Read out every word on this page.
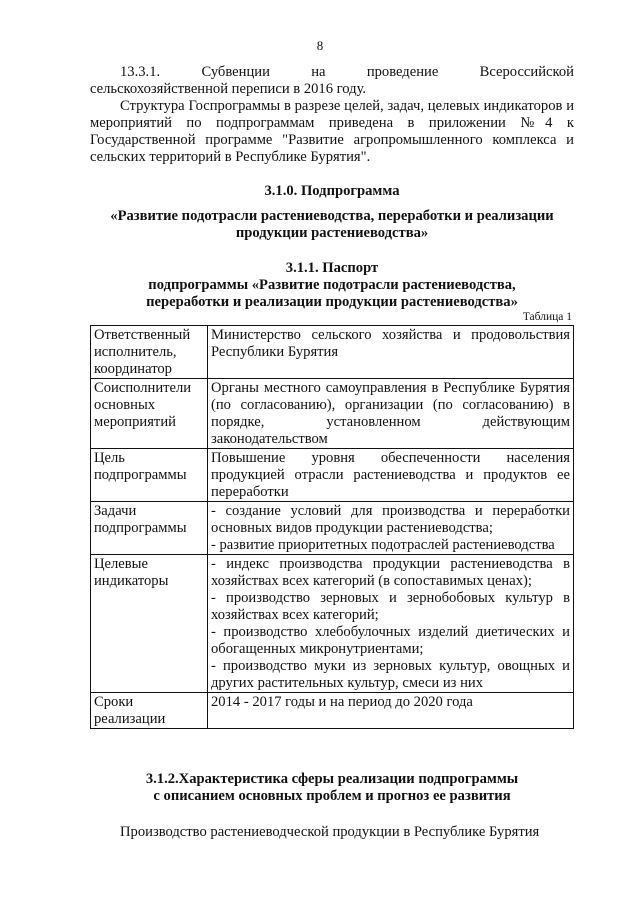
8
13.3.1.	Субвенции	на	проведение	Всероссийской
сельскохозяйственной переписи в 2016 году.
Структура Госпрограммы в разрезе целей, задач, целевых индикаторов и мероприятий по подпрограммам приведена в приложении №4 к Государственной программе "Развитие агропромышленного комплекса и сельских территорий в Республике Бурятия".
3.1.0. Подпрограмма
«Развитие подотрасли растениеводства, переработки и реализации продукции растениеводства»
3.1.1. Паспорт
подпрограммы «Развитие подотрасли растениеводства,
переработки и реализации продукции растениеводства»
Таблица 1
Ответственный исполнитель, координатор	Министерство сельского хозяйства и продовольствия Республики Бурятия
Соисполнители основных мероприятий	Органы местного самоуправления в Республике Бурятия (по согласованию), организации (по согласованию) в порядке, установленном действующим законодательством
Цель подпрограммы	Повышение уровня обеспеченности населения продукцией отрасли растениеводства и продуктов ее переработки
Задачи подпрограммы	- создание условий для производства и переработки основных видов продукции растениеводства;
- развитие приоритетных подотраслей растениеводства

Целевые индикаторы	- индекс производства продукции растениеводства в хозяйствах всех категорий (в сопоставимых ценах);
- производство зерновых и зернобобовых культур в хозяйствах всех категорий;
- производство хлебобулочных изделий диетических и обогащенных микронутриентами;
- производство муки из зерновых культур, овощных и других растительных культур, смеси из них

Сроки реализации	2014 - 2017 годы и на период до 2020 года
3.1.2.Характеристика сферы реализации подпрограммы
с описанием основных проблем и прогноз ее развития
Производство растениеводческой продукции в Республике Бурятия
